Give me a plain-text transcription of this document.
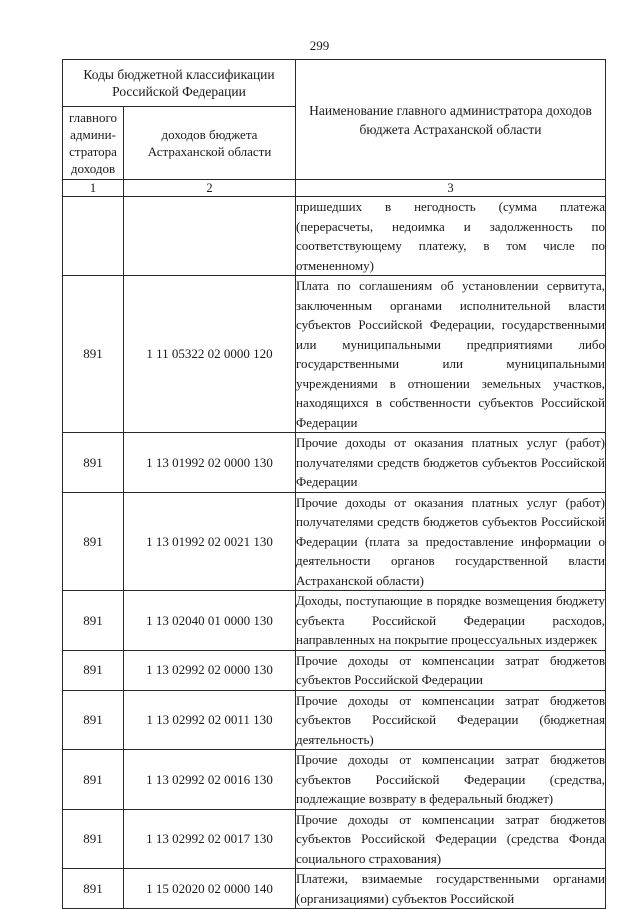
299
Коды бюджетной классификации Российской Федерации		Наименование главного администратора доходов бюджета Астраханской области
главного админи-стратора доходов	доходов бюджета Астраханской области	
1	2	3
		пришедших в негодность (сумма платежа (перерасчеты, недоимка и задолженность по соответствующему платежу, в том числе по отмененному)
891	1 11 05322 02 0000 120	Плата по соглашениям об установлении сервитута, заключенным органами исполнительной власти субъектов Российской Федерации, государственными или муниципальными предприятиями либо государственными или муниципальными учреждениями в отношении земельных участков, находящихся в собственности субъектов Российской Федерации
891	1 13 01992 02 0000 130	Прочие доходы от оказания платных услуг (работ) получателями средств бюджетов субъектов Российской Федерации
891	1 13 01992 02 0021 130	Прочие доходы от оказания платных услуг (работ) получателями средств бюджетов субъектов Российской Федерации (плата за предоставление информации о деятельности органов государственной власти Астраханской области)
891	1 13 02040 01 0000 130	Доходы, поступающие в порядке возмещения бюджету субъекта Российской Федерации расходов, направленных на покрытие процессуальных издержек
891	1 13 02992 02 0000 130	Прочие доходы от компенсации затрат бюджетов субъектов Российской Федерации
891	1 13 02992 02 0011 130	Прочие доходы от компенсации затрат бюджетов субъектов Российской Федерации (бюджетная деятельность)
891	1 13 02992 02 0016 130	Прочие доходы от компенсации затрат бюджетов субъектов Российской Федерации (средства, подлежащие возврату в федеральный бюджет)
891	1 13 02992 02 0017 130	Прочие доходы от компенсации затрат бюджетов субъектов Российской Федерации (средства Фонда социального страхования)
891	1 15 02020 02 0000 140	Платежи, взимаемые государственными органами (организациями) субъектов Российской
